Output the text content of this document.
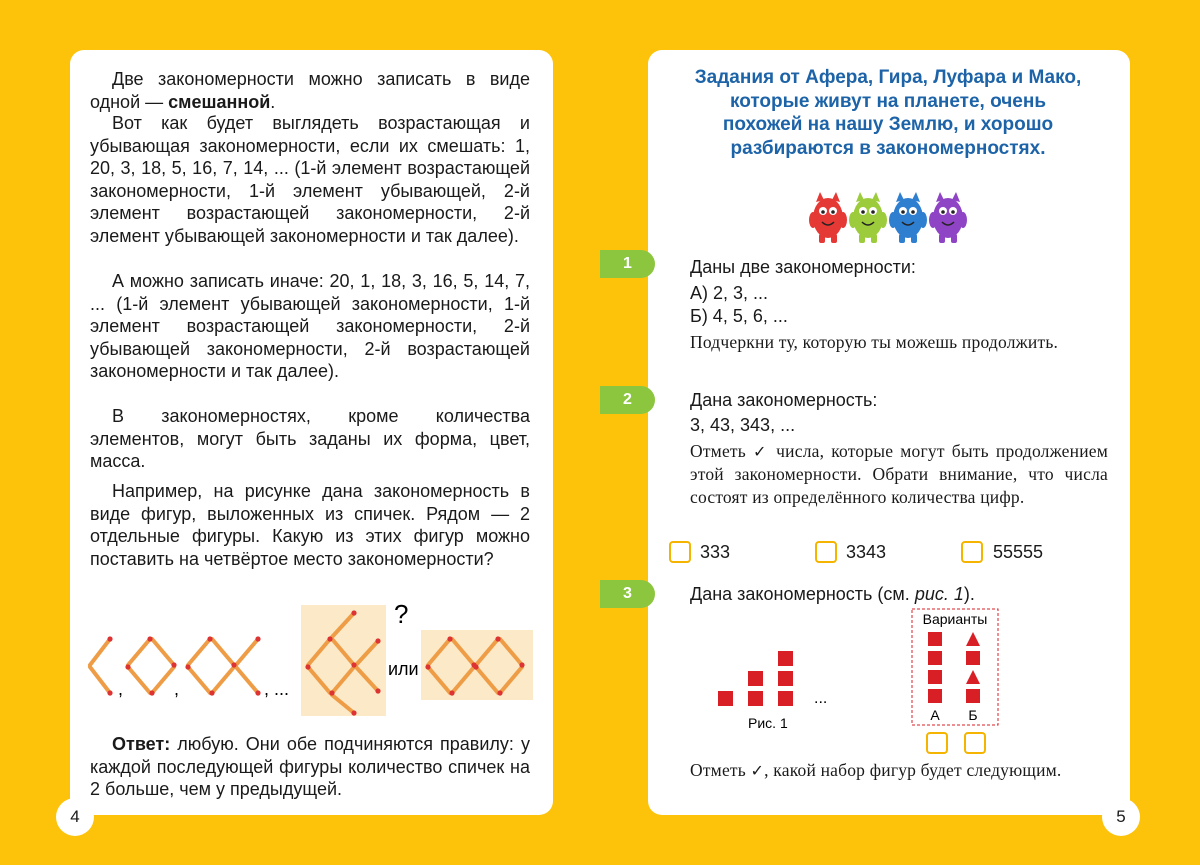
Две закономерности можно записать в виде одной — смешанной.

Вот как будет выглядеть возрастающая и убывающая закономерности, если их смешать: 1, 20, 3, 18, 5, 16, 7, 14, ... (1-й элемент возрастающей закономерности, 1-й элемент убывающей, 2-й элемент возрастающей закономерности, 2-й элемент убывающей закономерности и так далее).

А можно записать иначе: 20, 1, 18, 3, 16, 5, 14, 7, ... (1-й элемент убывающей закономерности, 1-й элемент возрастающей закономерности, 2-й убывающей закономерности, 2-й возрастающей закономерности и так далее).

В закономерностях, кроме количества элементов, могут быть заданы их форма, цвет, масса.

Например, на рисунке дана закономерность в виде фигур, выложенных из спичек. Рядом — 2 отдельные фигуры. Какую из этих фигур можно поставить на четвёртое место закономерности?

,	,	, ...
?
или

Ответ: любую. Они обе подчиняются правилу: у каждой последующей фигуры количество спичек на 2 больше, чем у предыдущей.

4

Задания от Афера, Гира, Луфара и Мако, которые живут на планете, очень похожей на нашу Землю, и хорошо разбираются в закономерностях.

5
1	Даны две закономерности:

А) 2, 3, ...

Б) 4, 5, 6, ...

Подчеркни ту, которую ты можешь продолжить.

2	Дана закономерность:

3, 43, 343, ...

Отметь ✓ числа, которые могут быть продолжением этой закономерности. Обрати внимание, что числа состоят из определённого количества цифр.

333	3343	55555
3	Дана закономерность (см. рис. 1).

Рис. 1
...
Варианты
А Б

Отметь ✓, какой набор фигур будет следующим.
